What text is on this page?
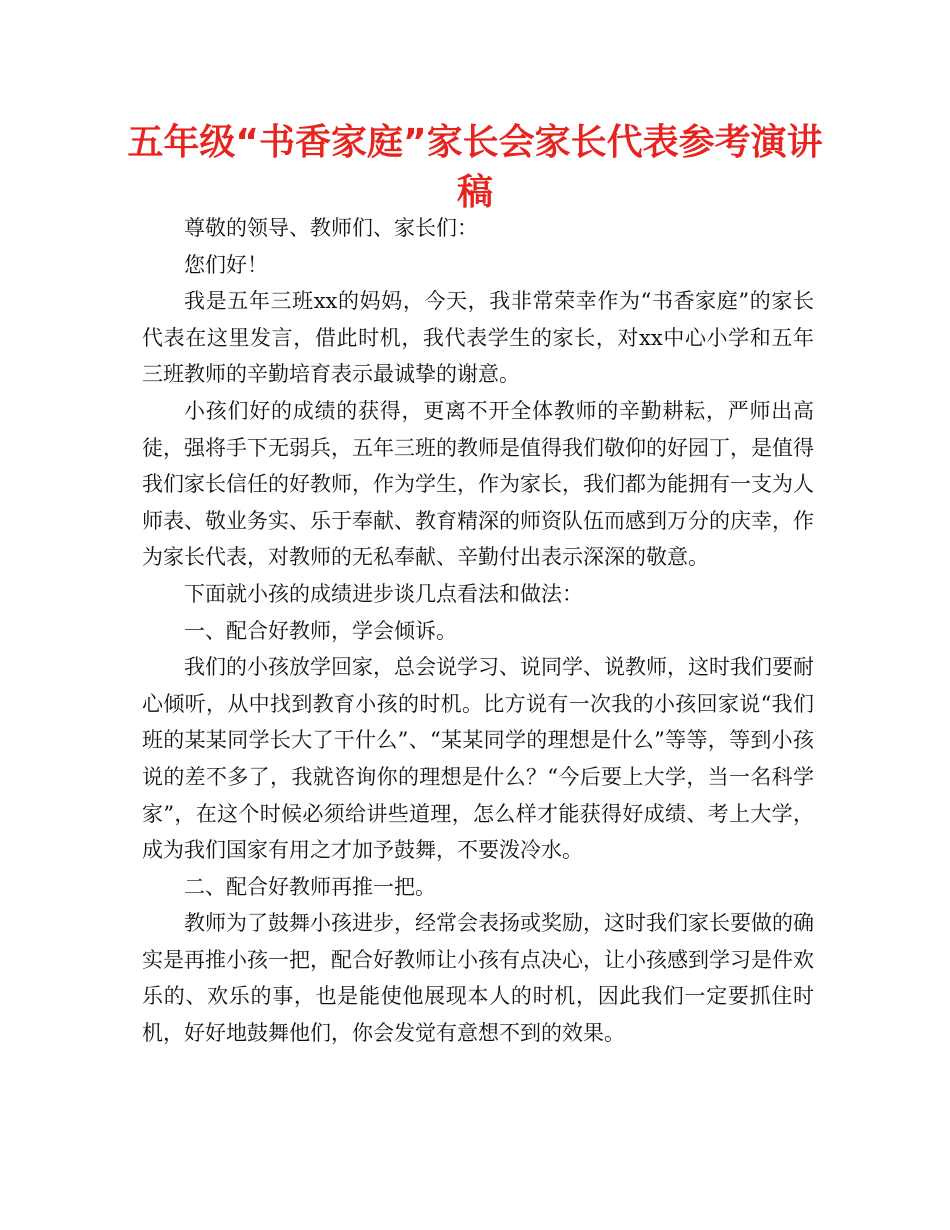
五年级“书香家庭”家长会家长代表参考演讲稿

尊敬的领导、教师们、家长们：

您们好！

我是五年三班xx的妈妈，今天，我非常荣幸作为“书香家庭”的家长代表在这里发言，借此时机，我代表学生的家长，对xx中心小学和五年三班教师的辛勤培育表示最诚挚的谢意。

小孩们好的成绩的获得，更离不开全体教师的辛勤耕耘，严师出高徒，强将手下无弱兵，五年三班的教师是值得我们敬仰的好园丁，是值得我们家长信任的好教师，作为学生，作为家长，我们都为能拥有一支为人师表、敬业务实、乐于奉献、教育精深的师资队伍而感到万分的庆幸，作为家长代表，对教师的无私奉献、辛勤付出表示深深的敬意。

下面就小孩的成绩进步谈几点看法和做法：

一、配合好教师，学会倾诉。

我们的小孩放学回家，总会说学习、说同学、说教师，这时我们要耐心倾听，从中找到教育小孩的时机。比方说有一次我的小孩回家说“我们班的某某同学长大了干什么”、“某某同学的理想是什么”等等，等到小孩说的差不多了，我就咨询你的理想是什么？“今后要上大学，当一名科学家”，在这个时候必须给讲些道理，怎么样才能获得好成绩、考上大学，成为我们国家有用之才加予鼓舞，不要泼冷水。

二、配合好教师再推一把。

教师为了鼓舞小孩进步，经常会表扬或奖励，这时我们家长要做的确实是再推小孩一把，配合好教师让小孩有点决心，让小孩感到学习是件欢乐的、欢乐的事，也是能使他展现本人的时机，因此我们一定要抓住时机，好好地鼓舞他们，你会发觉有意想不到的效果。
